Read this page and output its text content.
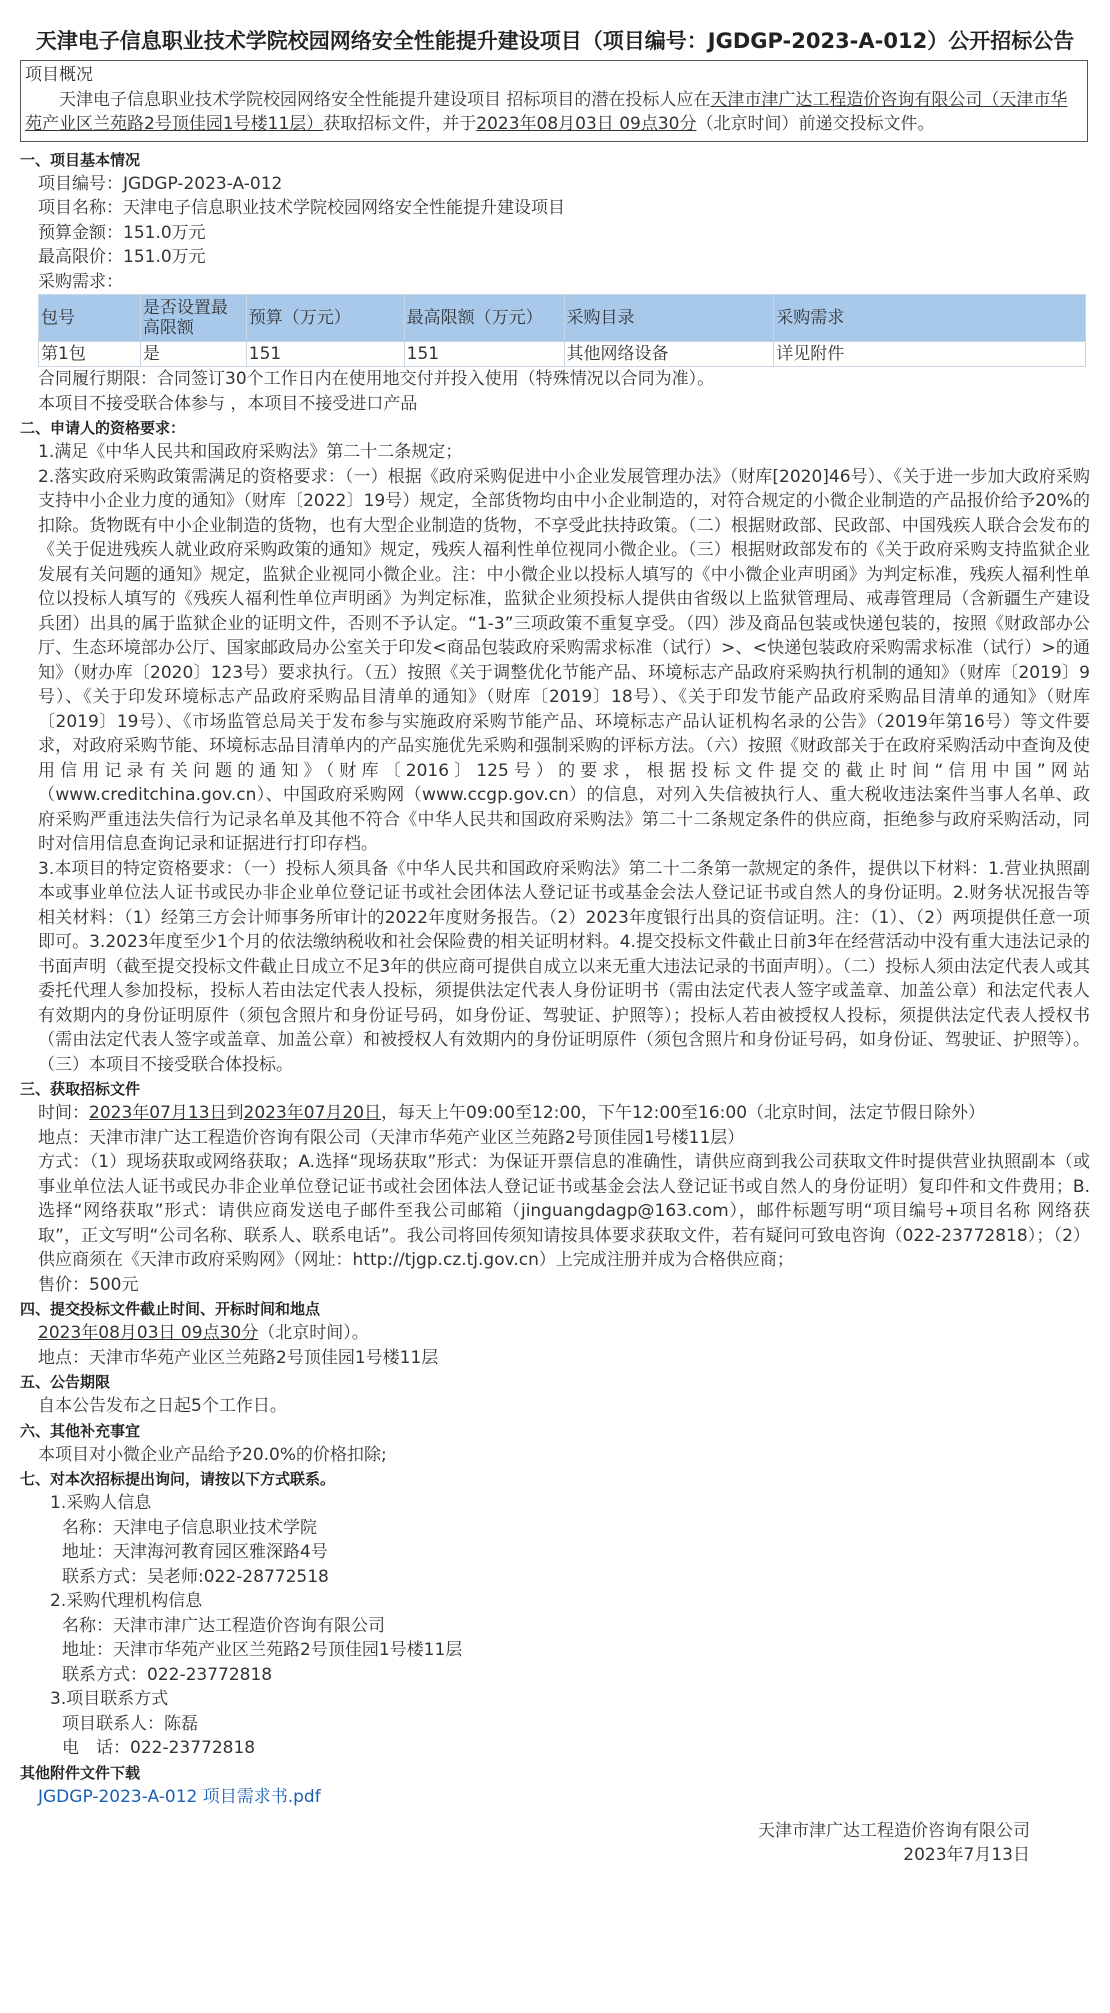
天津电子信息职业技术学院校园网络安全性能提升建设项目（项目编号：JGDGP-2023-A-012）公开招标公告
项目概况
天津电子信息职业技术学院校园网络安全性能提升建设项目 招标项目的潜在投标人应在天津市津广达工程造价咨询有限公司（天津市华苑产业区兰苑路2号顶佳园1号楼11层）获取招标文件，并于2023年08月03日 09点30分（北京时间）前递交投标文件。
一、项目基本情况
项目编号：JGDGP-2023-A-012
项目名称：天津电子信息职业技术学院校园网络安全性能提升建设项目
预算金额：151.0万元
最高限价：151.0万元
采购需求：
包号	是否设置最高限额	预算（万元）	最高限额（万元）	采购目录	采购需求
第1包	是	151	151	其他网络设备	详见附件
合同履行期限：合同签订30个工作日内在使用地交付并投入使用（特殊情况以合同为准）。
本项目不接受联合体参与 ，本项目不接受进口产品
二、申请人的资格要求：
1.满足《中华人民共和国政府采购法》第二十二条规定；
2.落实政府采购政策需满足的资格要求：（一）根据《政府采购促进中小企业发展管理办法》（财库[2020]46号）、《关于进一步加大政府采购支持中小企业力度的通知》（财库〔2022〕19号）规定，全部货物均由中小企业制造的，对符合规定的小微企业制造的产品报价给予20%的扣除。货物既有中小企业制造的货物，也有大型企业制造的货物，不享受此扶持政策。（二）根据财政部、民政部、中国残疾人联合会发布的《关于促进残疾人就业政府采购政策的通知》规定，残疾人福利性单位视同小微企业。（三）根据财政部发布的《关于政府采购支持监狱企业发展有关问题的通知》规定，监狱企业视同小微企业。注：中小微企业以投标人填写的《中小微企业声明函》为判定标准，残疾人福利性单位以投标人填写的《残疾人福利性单位声明函》为判定标准，监狱企业须投标人提供由省级以上监狱管理局、戒毒管理局（含新疆生产建设兵团）出具的属于监狱企业的证明文件，否则不予认定。“1-3”三项政策不重复享受。（四）涉及商品包装或快递包装的，按照《财政部办公厅、生态环境部办公厅、国家邮政局办公室关于印发<商品包装政府采购需求标准（试行）>、<快递包装政府采购需求标准（试行）>的通知》（财办库〔2020〕123号）要求执行。（五）按照《关于调整优化节能产品、环境标志产品政府采购执行机制的通知》（财库〔2019〕9号）、《关于印发环境标志产品政府采购品目清单的通知》（财库〔2019〕18号）、《关于印发节能产品政府采购品目清单的通知》（财库〔2019〕19号）、《市场监管总局关于发布参与实施政府采购节能产品、环境标志产品认证机构名录的公告》（2019年第16号）等文件要求，对政府采购节能、环境标志品目清单内的产品实施优先采购和强制采购的评标方法。（六）按照《财政部关于在政府采购活动中查询及使用信用记录有关问题的通知》（财库〔2016〕125号）的要求，根据投标文件提交的截止时间“信用中国”网站（www.creditchina.gov.cn）、中国政府采购网（www.ccgp.gov.cn）的信息，对列入失信被执行人、重大税收违法案件当事人名单、政府采购严重违法失信行为记录名单及其他不符合《中华人民共和国政府采购法》第二十二条规定条件的供应商，拒绝参与政府采购活动，同时对信用信息查询记录和证据进行打印存档。
3.本项目的特定资格要求：（一）投标人须具备《中华人民共和国政府采购法》第二十二条第一款规定的条件，提供以下材料：1.营业执照副本或事业单位法人证书或民办非企业单位登记证书或社会团体法人登记证书或基金会法人登记证书或自然人的身份证明。2.财务状况报告等相关材料：（1）经第三方会计师事务所审计的2022年度财务报告。（2）2023年度银行出具的资信证明。注：（1）、（2）两项提供任意一项即可。3.2023年度至少1个月的依法缴纳税收和社会保险费的相关证明材料。4.提交投标文件截止日前3年在经营活动中没有重大违法记录的书面声明（截至提交投标文件截止日成立不足3年的供应商可提供自成立以来无重大违法记录的书面声明）。（二）投标人须由法定代表人或其委托代理人参加投标，投标人若由法定代表人投标，须提供法定代表人身份证明书（需由法定代表人签字或盖章、加盖公章）和法定代表人有效期内的身份证明原件（须包含照片和身份证号码，如身份证、驾驶证、护照等）；投标人若由被授权人投标，须提供法定代表人授权书（需由法定代表人签字或盖章、加盖公章）和被授权人有效期内的身份证明原件（须包含照片和身份证号码，如身份证、驾驶证、护照等）。（三）本项目不接受联合体投标。
三、获取招标文件
时间：2023年07月13日到2023年07月20日，每天上午09:00至12:00，下午12:00至16:00（北京时间，法定节假日除外）
地点：天津市津广达工程造价咨询有限公司（天津市华苑产业区兰苑路2号顶佳园1号楼11层）
方式：（1）现场获取或网络获取；A.选择“现场获取”形式：为保证开票信息的准确性，请供应商到我公司获取文件时提供营业执照副本（或事业单位法人证书或民办非企业单位登记证书或社会团体法人登记证书或基金会法人登记证书或自然人的身份证明）复印件和文件费用；B.选择“网络获取”形式：请供应商发送电子邮件至我公司邮箱（jinguangdagp@163.com），邮件标题写明“项目编号+项目名称 网络获取”，正文写明“公司名称、联系人、联系电话”。我公司将回传须知请按具体要求获取文件，若有疑问可致电咨询（022-23772818）；（2）供应商须在《天津市政府采购网》（网址：http://tjgp.cz.tj.gov.cn）上完成注册并成为合格供应商；
售价：500元
四、提交投标文件截止时间、开标时间和地点
2023年08月03日 09点30分（北京时间）。
地点：天津市华苑产业区兰苑路2号顶佳园1号楼11层
五、公告期限
自本公告发布之日起5个工作日。
六、其他补充事宜
本项目对小微企业产品给予20.0%的价格扣除;
七、对本次招标提出询问，请按以下方式联系。
1.采购人信息
名称：天津电子信息职业技术学院
地址：天津海河教育园区雅深路4号
联系方式：吴老师:022-28772518
2.采购代理机构信息
名称：天津市津广达工程造价咨询有限公司
地址：天津市华苑产业区兰苑路2号顶佳园1号楼11层
联系方式：022-23772818
3.项目联系方式
项目联系人：陈磊
电　话：022-23772818
其他附件文件下载
JGDGP-2023-A-012 项目需求书.pdf
天津市津广达工程造价咨询有限公司
2023年7月13日
